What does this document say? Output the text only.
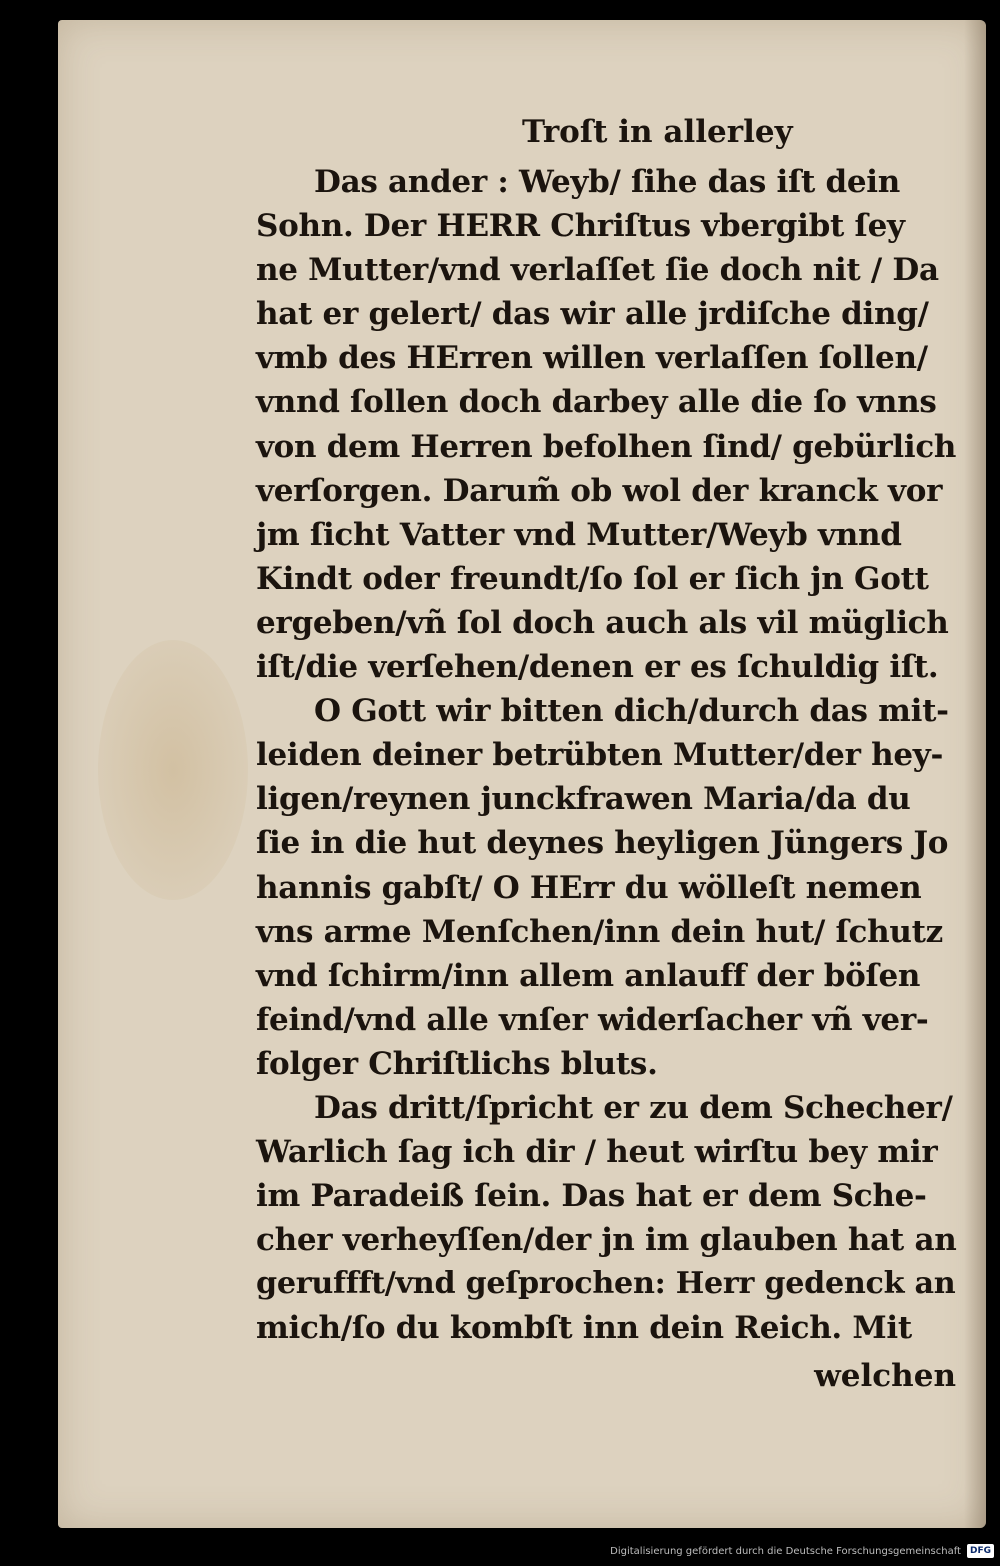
Troſt in allerley
Das ander : Weyb/ ſihe das iſt dein
Sohn. Der HERR Chriſtus vbergibt ſey
ne Mutter/vnd verlaſſet ſie doch nit / Da
hat er gelert/ das wir alle jrdiſche ding/
vmb des HErren willen verlaſſen ſollen/
vnnd ſollen doch darbey alle die ſo vnns
von dem Herren befolhen ſind/ gebürlich
verſorgen. Darum̃ ob wol der kranck vor
jm ſicht Vatter vnd Mutter/Weyb vnnd
Kindt oder freundt/ſo ſol er ſich jn Gott
ergeben/vñ ſol doch auch als vil müglich
iſt/die verſehen/denen er es ſchuldig iſt.
O Gott wir bitten dich/durch das mit-
leiden deiner betrübten Mutter/der hey-
ligen/reynen junckfrawen Maria/da du
ſie in die hut deynes heyligen Jüngers Jo
hannis gabſt/ O HErr du wölleſt nemen
vns arme Menſchen/inn dein hut/ ſchutz
vnd ſchirm/inn allem anlauff der böſen
feind/vnd alle vnſer widerſacher vñ ver-
folger Chriſtlichs bluts.
Das dritt/ſpricht er zu dem Schecher/
Warlich ſag ich dir / heut wirſtu bey mir
im Paradeiß ſein. Das hat er dem Sche-
cher verheyſſen/der jn im glauben hat an
geruffft/vnd geſprochen: Herr gedenck an
mich/ſo du kombſt inn dein Reich. Mit
welchen
Digitalisierung gefördert durch die Deutsche Forschungsgemeinschaft	DFG
